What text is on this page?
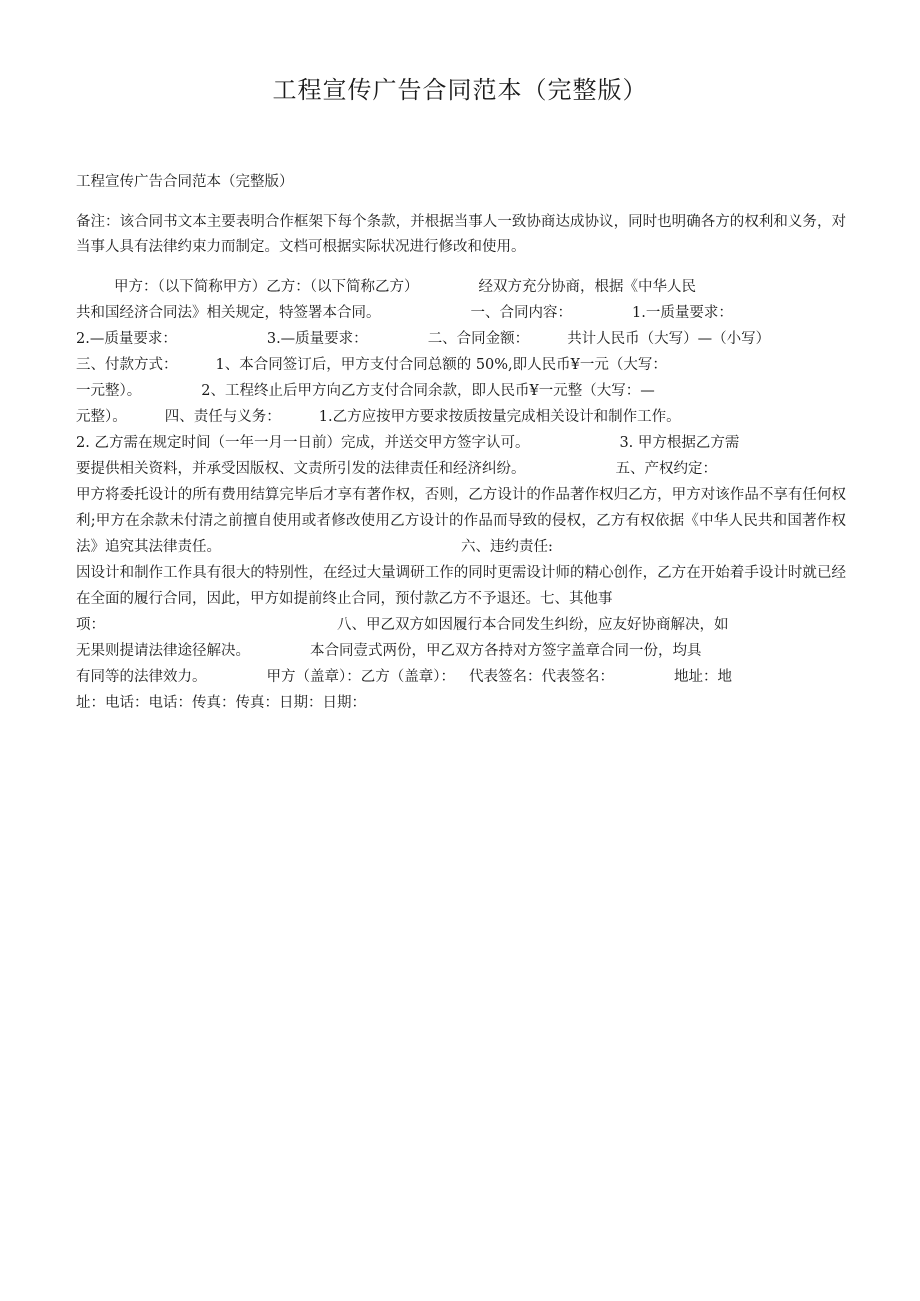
工程宣传广告合同范本（完整版）

工程宣传广告合同范本（完整版）

备注：该合同书文本主要表明合作框架下每个条款，并根据当事人一致协商达成协议，同时也明确各方的权利和义务，对当事人具有法律约束力而制定。文档可根据实际状况进行修改和使用。

甲方：（以下简称甲方）乙方：（以下简称乙方）	经双方充分协商，根据《中华人民
共和国经济合同法》相关规定，特签署本合同。	一、合同内容：	1.一质量要求：
2.—质量要求：	3.—质量要求：	二、合同金额：	共计人民币（大写）—（小写）
三、付款方式：	1、本合同签订后，甲方支付合同总额的 50%,即人民币¥一元（大写：
一元整）。	2、工程终止后甲方向乙方支付合同余款，即人民币¥一元整（大写：—
元整）。	四、责任与义务：	1.乙方应按甲方要求按质按量完成相关设计和制作工作。
2. 乙方需在规定时间（一年一月一日前）完成，并送交甲方签字认可。	3. 甲方根据乙方需
要提供相关资料，并承受因版权、文责所引发的法律责任和经济纠纷。	五、产权约定：
甲方将委托设计的所有费用结算完毕后才享有著作权，否则，乙方设计的作品著作权归乙方，甲方对该作品不享有任何权利;甲方在余款未付清之前擅自使用或者修改使用乙方设计的作品而导致的侵权，乙方有权依据《中华人民共和国著作权法》追究其法律责任。	六、违约责任:
因设计和制作工作具有很大的特别性，在经过大量调研工作的同时更需设计师的精心创作，乙方在开始着手设计时就已经在全面的履行合同，因此，甲方如提前终止合同，预付款乙方不予退还。七、其他事
项：	八、甲乙双方如因履行本合同发生纠纷，应友好协商解决，如
无果则提请法律途径解决。	本合同壹式两份，甲乙双方各持对方签字盖章合同一份，均具
有同等的法律效力。	甲方（盖章）：乙方（盖章）： 代表签名：代表签名：	地址：地
址：电话：电话：传真：传真：日期：日期：
